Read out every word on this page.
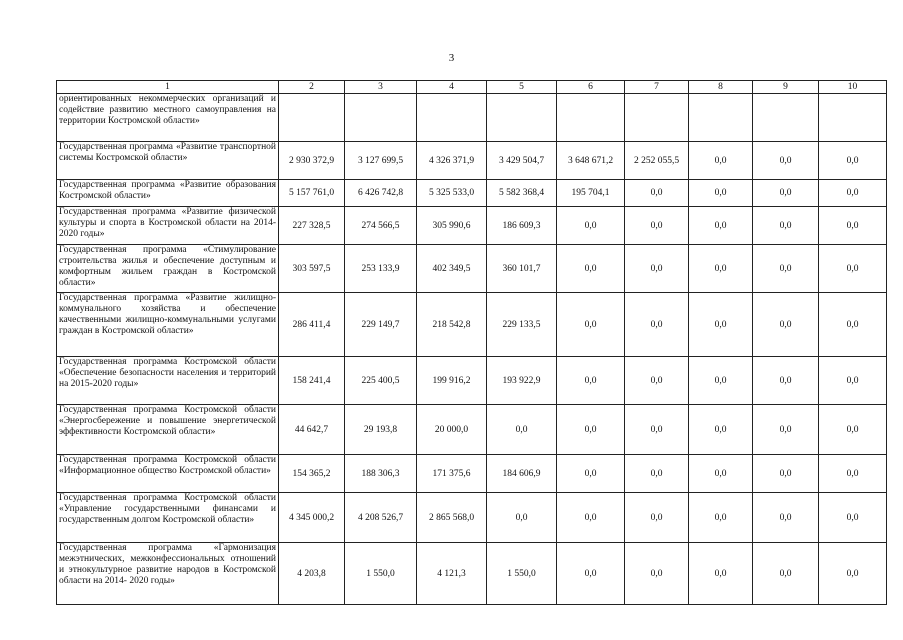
3
1	2	3	4	5	6	7	8	9	10
ориентированных некоммерческих организаций и содействие развитию местного самоуправления на территории Костромской области»									
Государственная программа «Развитие транспортной системы Костромской области»	2 930 372,9	3 127 699,5	4 326 371,9	3 429 504,7	3 648 671,2	2 252 055,5	0,0	0,0	0,0
Государственная программа «Развитие образования Костромской области»	5 157 761,0	6 426 742,8	5 325 533,0	5 582 368,4	195 704,1	0,0	0,0	0,0	0,0
Государственная программа «Развитие физической культуры и спорта в Костромской области на 2014-2020 годы»	227 328,5	274 566,5	305 990,6	186 609,3	0,0	0,0	0,0	0,0	0,0
Государственная программа «Стимулирование строительства жилья и обеспечение доступным и комфортным жильем граждан в Костромской области»	303 597,5	253 133,9	402 349,5	360 101,7	0,0	0,0	0,0	0,0	0,0
Государственная программа «Развитие жилищно-коммунального хозяйства и обеспечение качественными жилищно-коммунальными услугами граждан в Костромской области»	286 411,4	229 149,7	218 542,8	229 133,5	0,0	0,0	0,0	0,0	0,0
Государственная программа Костромской области «Обеспечение безопасности населения и территорий на 2015-2020 годы»	158 241,4	225 400,5	199 916,2	193 922,9	0,0	0,0	0,0	0,0	0,0
Государственная программа Костромской области «Энергосбережение и повышение энергетической эффективности Костромской области»	44 642,7	29 193,8	20 000,0	0,0	0,0	0,0	0,0	0,0	0,0
Государственная программа Костромской области «Информационное общество Костромской области»	154 365,2	188 306,3	171 375,6	184 606,9	0,0	0,0	0,0	0,0	0,0
Государственная программа Костромской области «Управление государственными финансами и государственным долгом Костромской области»	4 345 000,2	4 208 526,7	2 865 568,0	0,0	0,0	0,0	0,0	0,0	0,0
Государственная программа «Гармонизация межэтнических, межконфессиональных отношений и этнокультурное развитие народов в Костромской области на 2014- 2020 годы»	4 203,8	1 550,0	4 121,3	1 550,0	0,0	0,0	0,0	0,0	0,0
